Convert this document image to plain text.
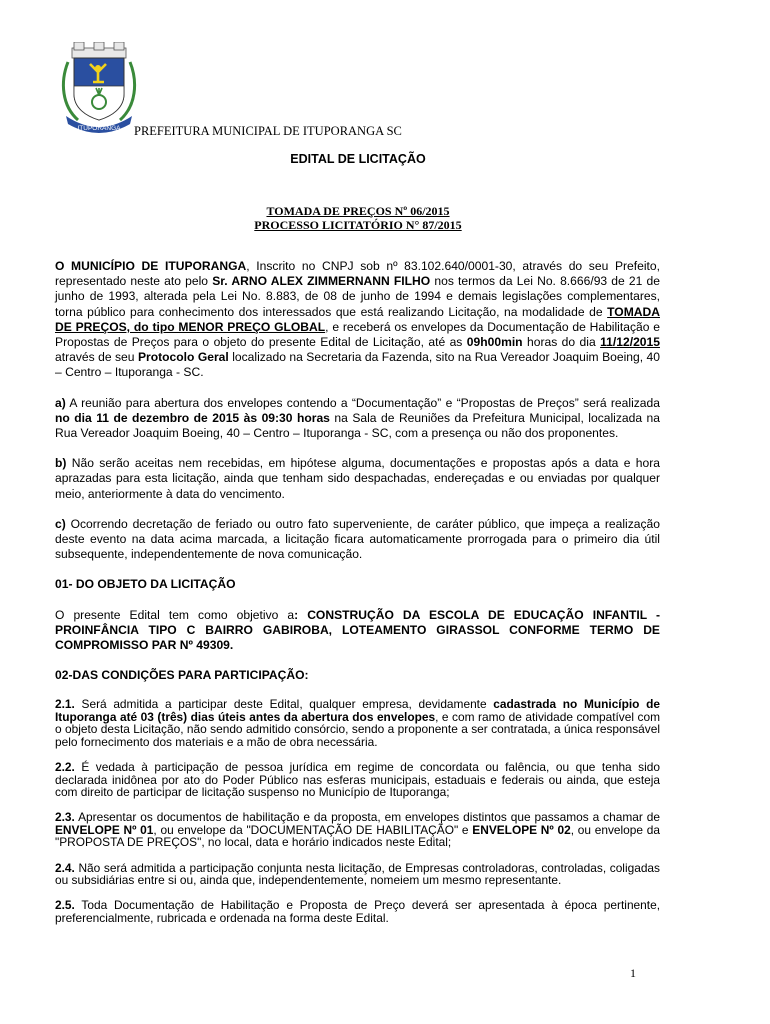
ITUPORANGA PREFEITURA MUNICIPAL DE ITUPORANGA SC
EDITAL DE LICITAÇÃO
TOMADA DE PREÇOS Nº 06/2015
PROCESSO LICITATÓRIO N° 87/2015

O MUNICÍPIO DE ITUPORANGA, Inscrito no CNPJ sob nº 83.102.640/0001-30, através do seu Prefeito, representado neste ato pelo Sr. ARNO ALEX ZIMMERNANN FILHO nos termos da Lei No. 8.666/93 de 21 de junho de 1993, alterada pela Lei No. 8.883, de 08 de junho de 1994 e demais legislações complementares, torna público para conhecimento dos interessados que está realizando Licitação, na modalidade de TOMADA DE PREÇOS, do tipo MENOR PREÇO GLOBAL, e receberá os envelopes da Documentação de Habilitação e Propostas de Preços para o objeto do presente Edital de Licitação, até as 09h00min horas do dia 11/12/2015 através de seu Protocolo Geral localizado na Secretaria da Fazenda, sito na Rua Vereador Joaquim Boeing, 40 – Centro – Ituporanga - SC.

a) A reunião para abertura dos envelopes contendo a “Documentação” e “Propostas de Preços” será realizada no dia 11 de dezembro de 2015 às 09:30 horas na Sala de Reuniões da Prefeitura Municipal, localizada na Rua Vereador Joaquim Boeing, 40 – Centro – Ituporanga - SC, com a presença ou não dos proponentes.

b) Não serão aceitas nem recebidas, em hipótese alguma, documentações e propostas após a data e hora aprazadas para esta licitação, ainda que tenham sido despachadas, endereçadas e ou enviadas por qualquer meio, anteriormente à data do vencimento.

c) Ocorrendo decretação de feriado ou outro fato superveniente, de caráter público, que impeça a realização deste evento na data acima marcada, a licitação ficara automaticamente prorrogada para o primeiro dia útil subsequente, independentemente de nova comunicação.

01- DO OBJETO DA LICITAÇÃO

O presente Edital tem como objetivo a: CONSTRUÇÃO DA ESCOLA DE EDUCAÇÃO INFANTIL - PROINFÂNCIA TIPO C BAIRRO GABIROBA, LOTEAMENTO GIRASSOL CONFORME TERMO DE COMPROMISSO PAR Nº 49309.

02-DAS CONDIÇÕES PARA PARTICIPAÇÃO:

2.1. Será admitida a participar deste Edital, qualquer empresa, devidamente cadastrada no Município de Ituporanga até 03 (três) dias úteis antes da abertura dos envelopes, e com ramo de atividade compatível com o objeto desta Licitação, não sendo admitido consórcio, sendo a proponente a ser contratada, a única responsável pelo fornecimento dos materiais e a mão de obra necessária.

2.2. É vedada à participação de pessoa jurídica em regime de concordata ou falência, ou que tenha sido declarada inidônea por ato do Poder Público nas esferas municipais, estaduais e federais ou ainda, que esteja com direito de participar de licitação suspenso no Município de Ituporanga;

2.3. Apresentar os documentos de habilitação e da proposta, em envelopes distintos que passamos a chamar de ENVELOPE Nº 01, ou envelope da "DOCUMENTAÇÃO DE HABILITAÇÃO" e ENVELOPE Nº 02, ou envelope da "PROPOSTA DE PREÇOS", no local, data e horário indicados neste Edital;

2.4. Não será admitida a participação conjunta nesta licitação, de Empresas controladoras, controladas, coligadas ou subsidiárias entre si ou, ainda que, independentemente, nomeiem um mesmo representante.

2.5. Toda Documentação de Habilitação e Proposta de Preço deverá ser apresentada à época pertinente, preferencialmente, rubricada e ordenada na forma deste Edital.

1
